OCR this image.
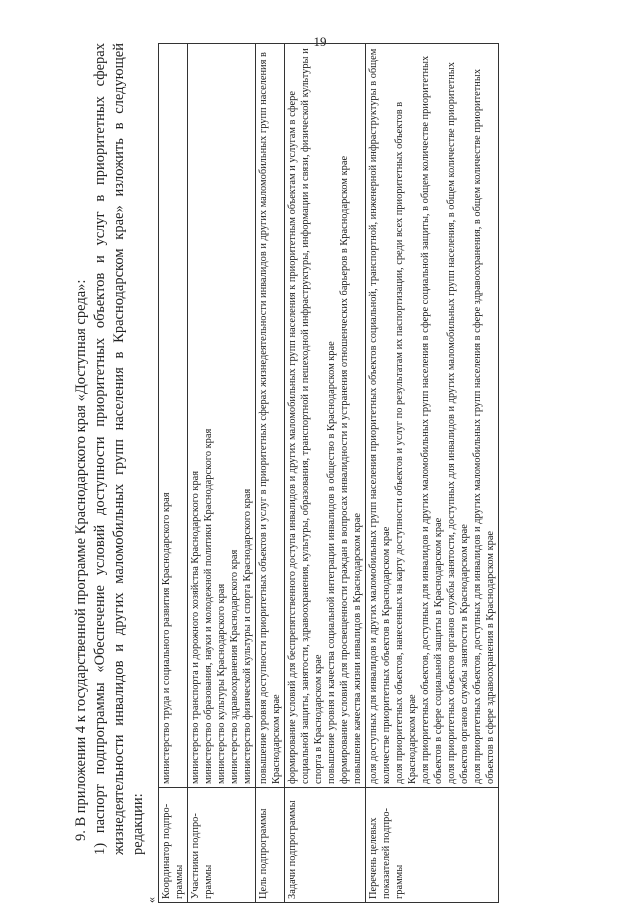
19

9. В приложении 4 к государственной программе Краснодарского края «Доступная среда»: 1) паспорт подпрограммы «Обеспечение условий доступности приоритетных объектов и услуг в приоритетных сферах жизнедеятельности инвалидов и других маломобильных групп населения в Краснодарском крае» изложить в следующей редакции:

«
Координатор подпро-граммы	министерство труда и социального развития Краснодарского края

Участники подпро-граммы	министерство транспорта и дорожного хозяйства Краснодарского края министерство образования, науки и молодежной политики Краснодарского края министерство культуры Краснодарского края министерство здравоохранения Краснодарского края министерство физической культуры и спорта Краснодарского края

Цель подпрограммы	повышение уровня доступности приоритетных объектов и услуг в приоритетных сферах жизнедеятельности инвалидов и других маломобильных групп населения в Краснодарском крае

Задачи подпрограммы	формирование условий для беспрепятственного доступа инвалидов и других маломобильных групп населения к приоритетным объектам и услугам в сфере социальной защиты, занятости, здравоохранения, культуры, образования, транспортной и пешеходной инфраструктуры, информации и связи, физической культуры и спорта в Краснодарском крае повышение уровня и качества социальной интеграции инвалидов в общество в Краснодарском крае формирование условий для просвещенности граждан в вопросах инвалидности и устранения отношенческих барьеров в Краснодарском крае повышение качества жизни инвалидов в Краснодарском крае

Перечень целевых показателей подпро-граммы	доля доступных для инвалидов и других маломобильных групп населения приоритетных объектов социальной, транспортной, инженерной инфраструктуры в общем количестве приоритетных объектов в Краснодарском крае доля приоритетных объектов, нанесенных на карту доступности объектов и услуг по результатам их паспортизации, среди всех приоритетных объектов в Краснодарском крае доля приоритетных объектов, доступных для инвалидов и других маломобильных групп населения в сфере социальной защиты, в общем количестве приоритетных объектов в сфере социальной защиты в Краснодарском крае доля приоритетных объектов органов службы занятости, доступных для инвалидов и других маломобильных групп населения, в общем количестве приоритетных объектов органов службы занятости в Краснодарском крае доля приоритетных объектов, доступных для инвалидов и других маломобильных групп населения в сфере здравоохранения, в общем количестве приоритетных объектов в сфере здравоохранения в Краснодарском крае
